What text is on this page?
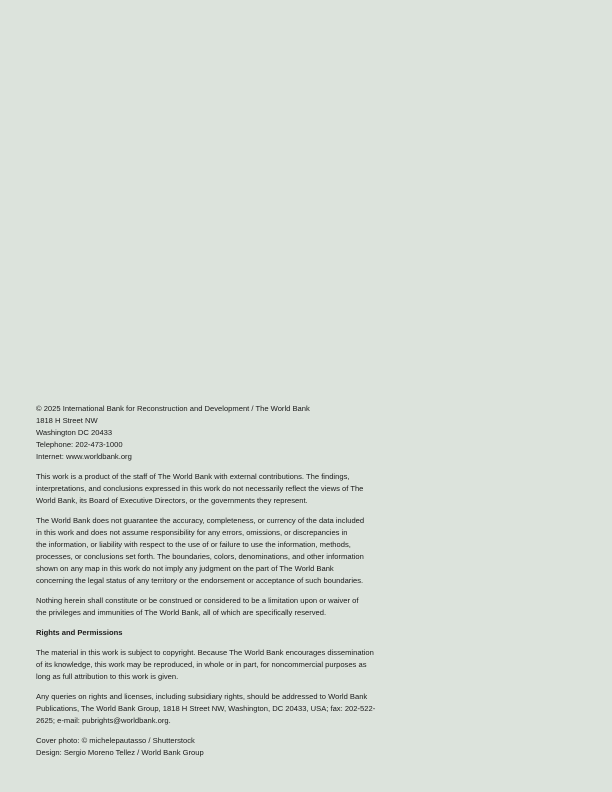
© 2025 International Bank for Reconstruction and Development / The World Bank
1818 H Street NW
Washington DC 20433
Telephone: 202-473-1000
Internet: www.worldbank.org
This work is a product of the staff of The World Bank with external contributions. The findings,
interpretations, and conclusions expressed in this work do not necessarily reflect the views of The
World Bank, its Board of Executive Directors, or the governments they represent.
The World Bank does not guarantee the accuracy, completeness, or currency of the data included
in this work and does not assume responsibility for any errors, omissions, or discrepancies in
the information, or liability with respect to the use of or failure to use the information, methods,
processes, or conclusions set forth. The boundaries, colors, denominations, and other information
shown on any map in this work do not imply any judgment on the part of The World Bank
concerning the legal status of any territory or the endorsement or acceptance of such boundaries.
Nothing herein shall constitute or be construed or considered to be a limitation upon or waiver of
the privileges and immunities of The World Bank, all of which are specifically reserved.
Rights and Permissions
The material in this work is subject to copyright. Because The World Bank encourages dissemination
of its knowledge, this work may be reproduced, in whole or in part, for noncommercial purposes as
long as full attribution to this work is given.
Any queries on rights and licenses, including subsidiary rights, should be addressed to World Bank
Publications, The World Bank Group, 1818 H Street NW, Washington, DC 20433, USA; fax: 202-522-
2625; e-mail: pubrights@worldbank.org.
Cover photo: © michelepautasso / Shutterstock
Design: Sergio Moreno Tellez / World Bank Group
